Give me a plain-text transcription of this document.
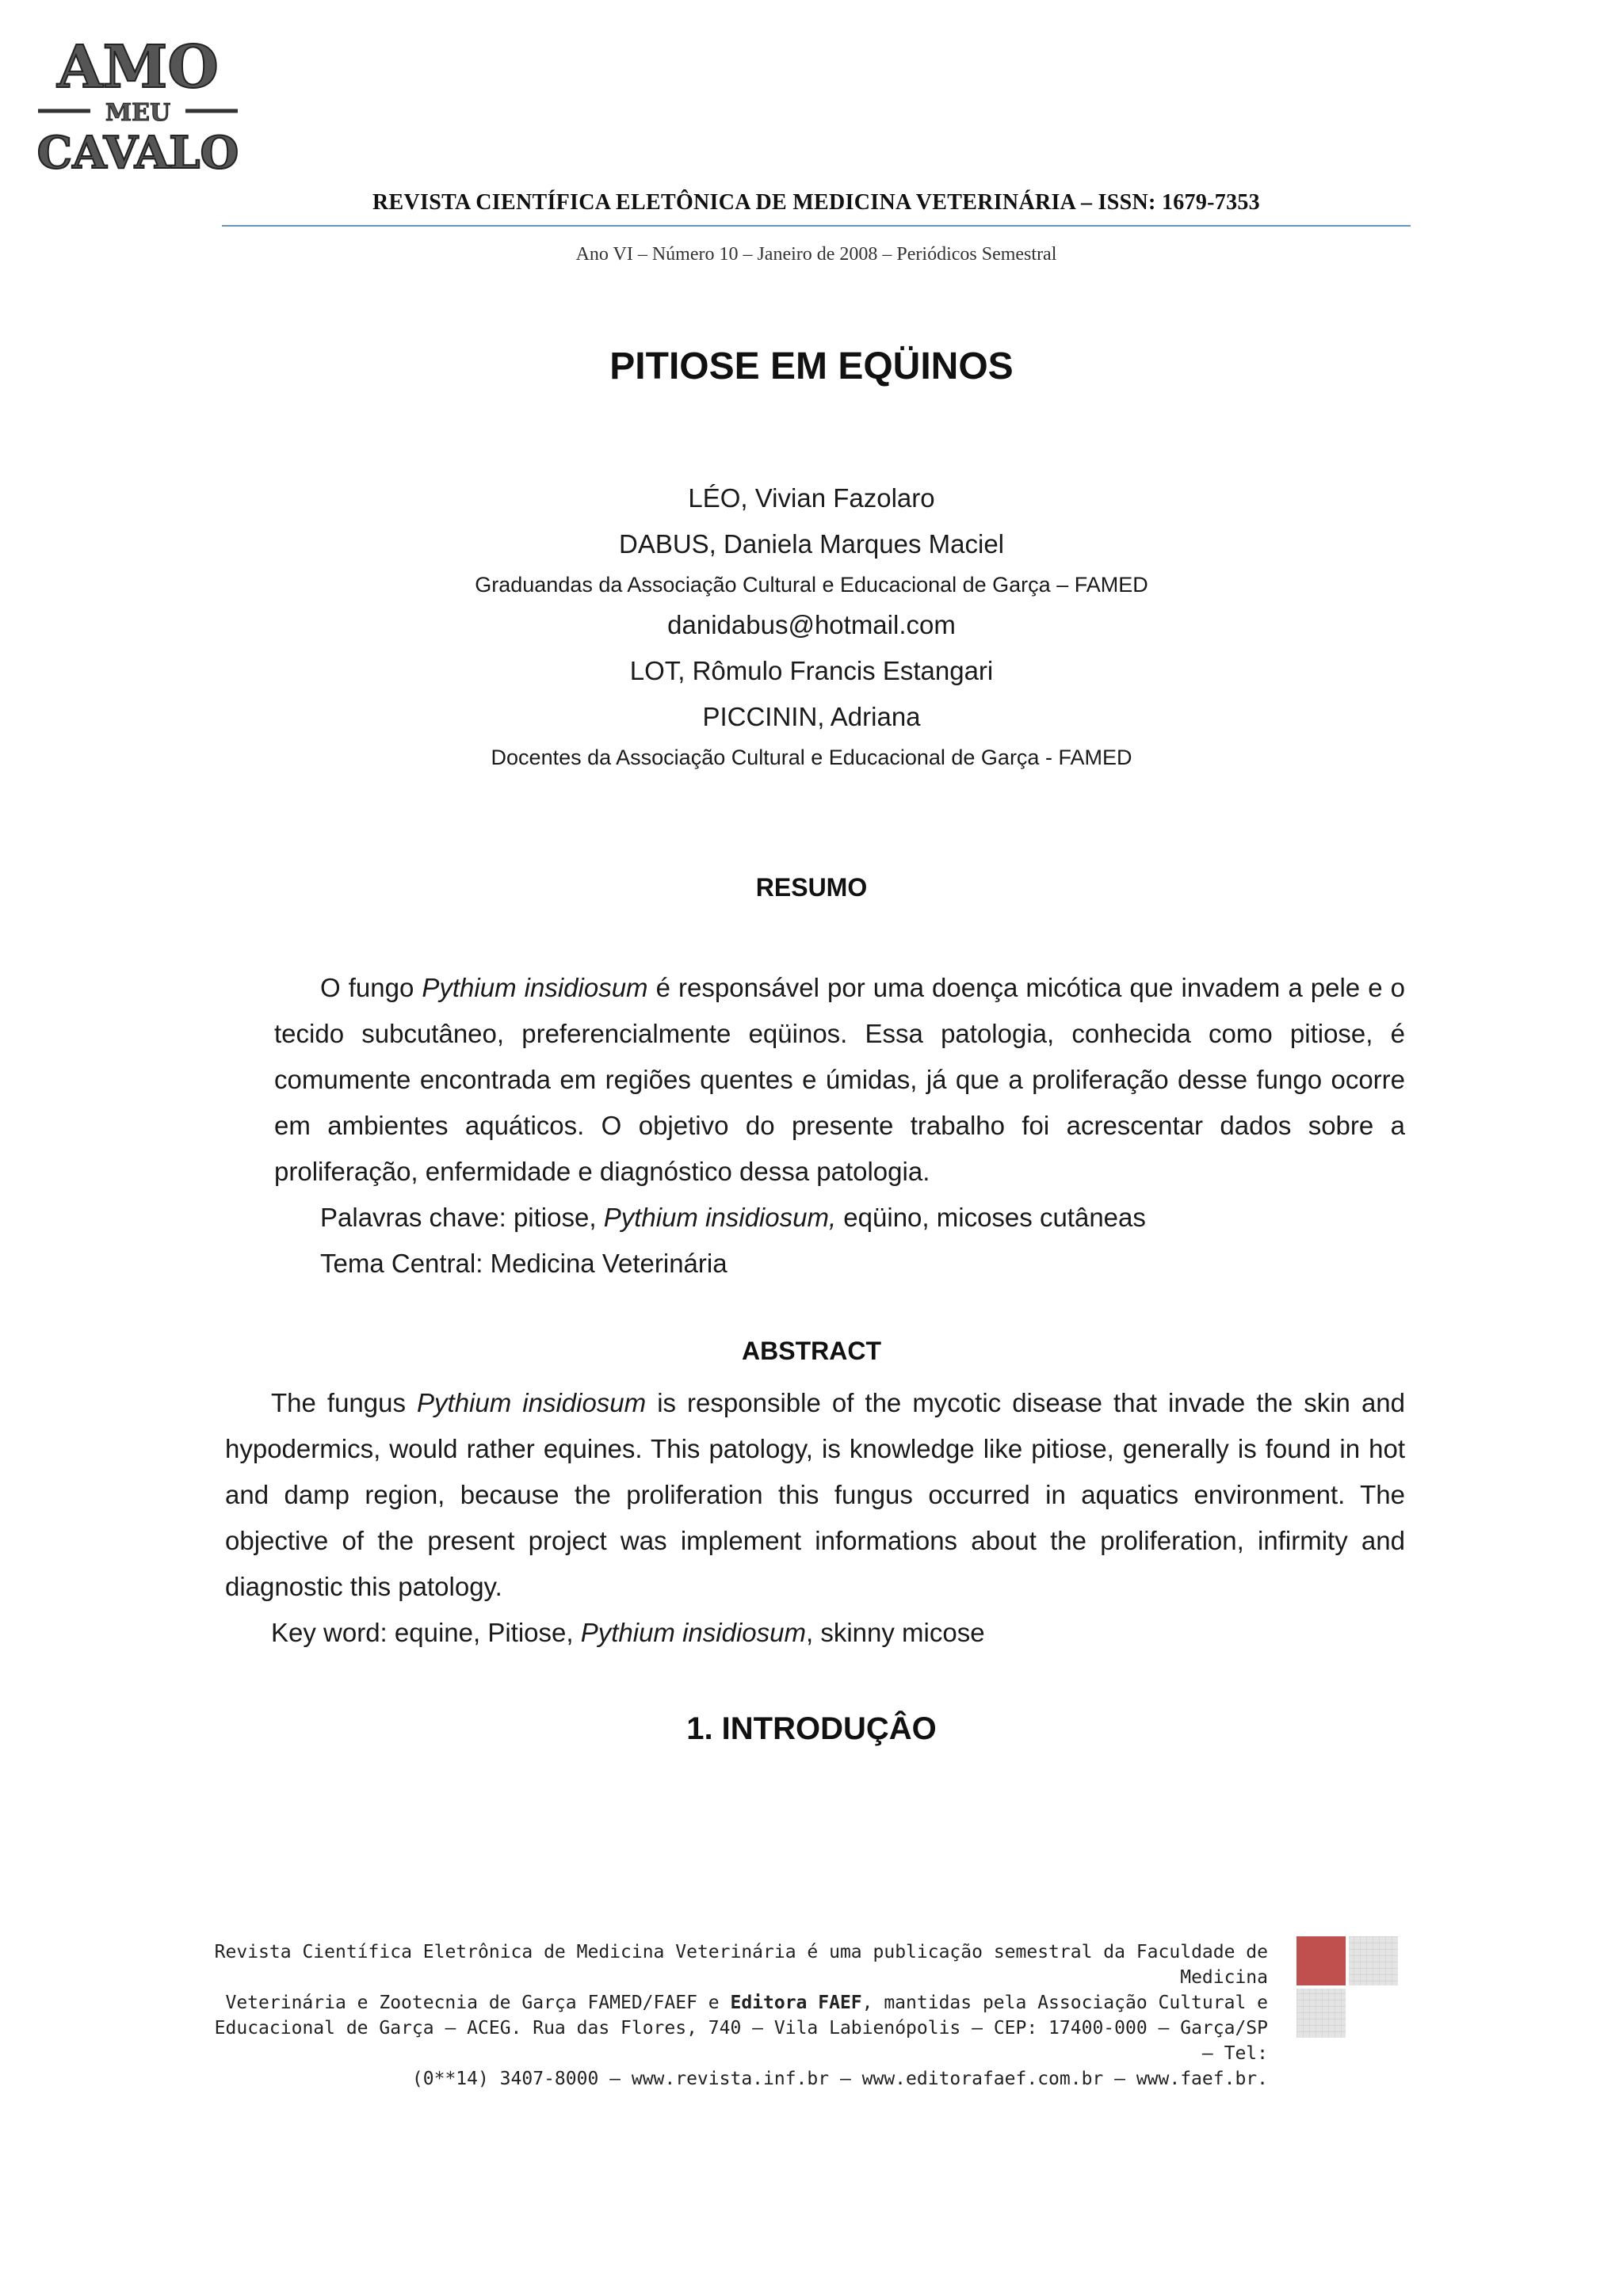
AMO
MEU
CAVALO
REVISTA CIENTÍFICA ELETÔNICA DE MEDICINA VETERINÁRIA – ISSN: 1679-7353
Ano VI – Número 10 – Janeiro de 2008 – Periódicos Semestral
PITIOSE EM EQÜINOS
LÉO, Vivian Fazolaro
DABUS, Daniela Marques Maciel
Graduandas da Associação Cultural e Educacional de Garça – FAMED
danidabus@hotmail.com
LOT, Rômulo Francis Estangari
PICCININ, Adriana
Docentes da Associação Cultural e Educacional de Garça - FAMED
RESUMO

O fungo Pythium insidiosum é responsável por uma doença micótica que invadem a pele e o tecido subcutâneo, preferencialmente eqüinos. Essa patologia, conhecida como pitiose, é comumente encontrada em regiões quentes e úmidas, já que a proliferação desse fungo ocorre em ambientes aquáticos. O objetivo do presente trabalho foi acrescentar dados sobre a proliferação, enfermidade e diagnóstico dessa patologia.

Palavras chave: pitiose, Pythium insidiosum, eqüino, micoses cutâneas

Tema Central: Medicina Veterinária

ABSTRACT

The fungus Pythium insidiosum is responsible of the mycotic disease that invade the skin and hypodermics, would rather equines. This patology, is knowledge like pitiose, generally is found in hot and damp region, because the proliferation this fungus occurred in aquatics environment. The objective of the present project was implement informations about the proliferation, infirmity and diagnostic this patology.

Key word: equine, Pitiose, Pythium insidiosum, skinny micose

1. INTRODUÇÂO
Revista Científica Eletrônica de Medicina Veterinária é uma publicação semestral da Faculdade de Medicina
Veterinária e Zootecnia de Garça FAMED/FAEF e Editora FAEF, mantidas pela Associação Cultural e
Educacional de Garça – ACEG. Rua das Flores, 740 – Vila Labienópolis – CEP: 17400-000 – Garça/SP – Tel:
(0**14) 3407-8000 – www.revista.inf.br – www.editorafaef.com.br – www.faef.br.
